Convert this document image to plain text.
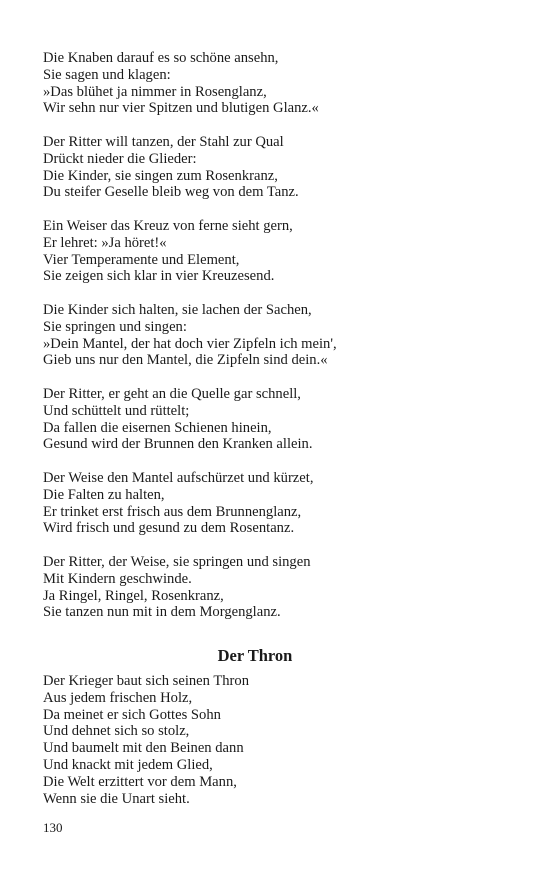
Die Knaben darauf es so schöne ansehn,
Sie sagen und klagen:
»Das blühet ja nimmer in Rosenglanz,
Wir sehn nur vier Spitzen und blutigen Glanz.«
Der Ritter will tanzen, der Stahl zur Qual
Drückt nieder die Glieder:
Die Kinder, sie singen zum Rosenkranz,
Du steifer Geselle bleib weg von dem Tanz.
Ein Weiser das Kreuz von ferne sieht gern,
Er lehret: »Ja höret!«
Vier Temperamente und Element,
Sie zeigen sich klar in vier Kreuzesend.
Die Kinder sich halten, sie lachen der Sachen,
Sie springen und singen:
»Dein Mantel, der hat doch vier Zipfeln ich mein',
Gieb uns nur den Mantel, die Zipfeln sind dein.«
Der Ritter, er geht an die Quelle gar schnell,
Und schüttelt und rüttelt;
Da fallen die eisernen Schienen hinein,
Gesund wird der Brunnen den Kranken allein.
Der Weise den Mantel aufschürzet und kürzet,
Die Falten zu halten,
Er trinket erst frisch aus dem Brunnenglanz,
Wird frisch und gesund zu dem Rosentanz.
Der Ritter, der Weise, sie springen und singen
Mit Kindern geschwinde.
Ja Ringel, Ringel, Rosenkranz,
Sie tanzen nun mit in dem Morgenglanz.
Der Thron
Der Krieger baut sich seinen Thron
Aus jedem frischen Holz,
Da meinet er sich Gottes Sohn
Und dehnet sich so stolz,
Und baumelt mit den Beinen dann
Und knackt mit jedem Glied,
Die Welt erzittert vor dem Mann,
Wenn sie die Unart sieht.
130
